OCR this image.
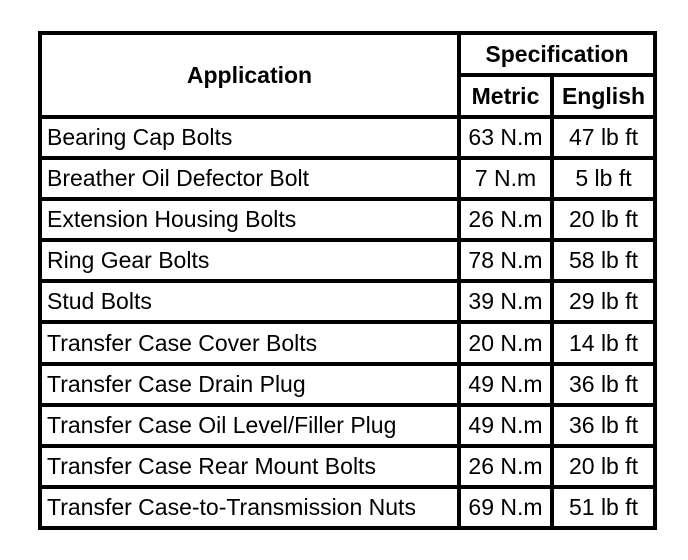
Application	Specification	
	Metric	English
Bearing Cap Bolts	63 N.m	47 lb ft
Breather Oil Defector Bolt	7 N.m	5 lb ft
Extension Housing Bolts	26 N.m	20 lb ft
Ring Gear Bolts	78 N.m	58 lb ft
Stud Bolts	39 N.m	29 lb ft
Transfer Case Cover Bolts	20 N.m	14 lb ft
Transfer Case Drain Plug	49 N.m	36 lb ft
Transfer Case Oil Level/Filler Plug	49 N.m	36 lb ft
Transfer Case Rear Mount Bolts	26 N.m	20 lb ft
Transfer Case-to-Transmission Nuts	69 N.m	51 lb ft
